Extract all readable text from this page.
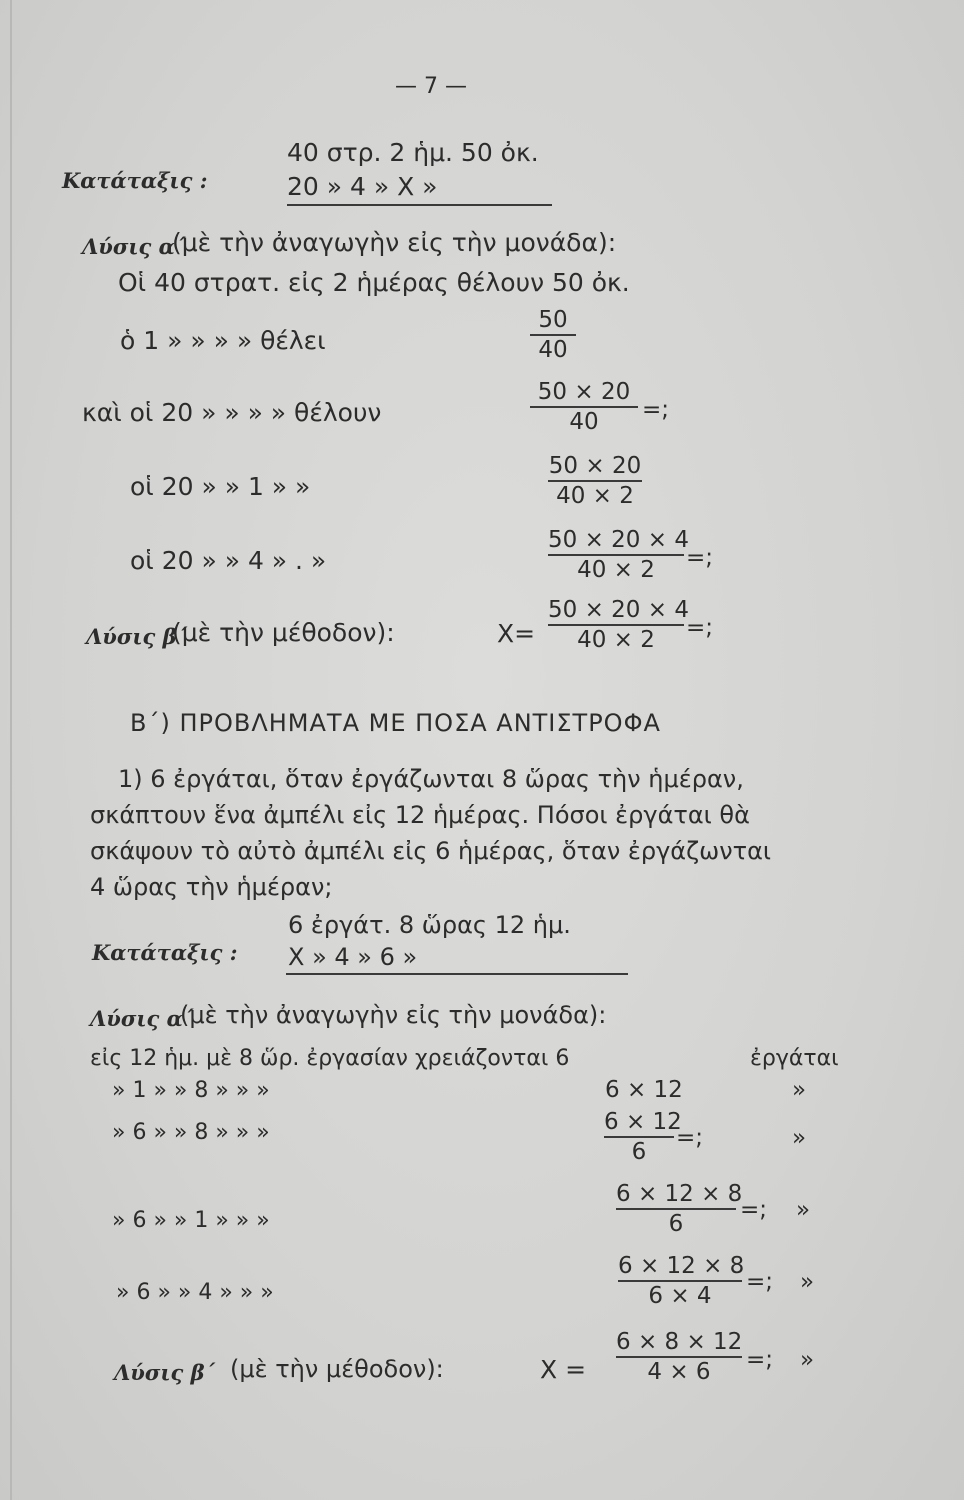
— 7 —
Κατάταξις :
40 στρ. 2 ἡμ. 50 ὀκ.
20 » 4 » Χ »
Λύσις α΄
(μὲ τὴν ἀναγωγὴν εἰς τὴν μονάδα):
Οἱ 40 στρατ. εἰς 2 ἡμέρας θέλουν 50 ὀκ.
ὁ 1 » » » » θέλει	$\frac{50}{40}$
καὶ οἱ 20 » » » » θέλουν	$\frac{50 \times 20}{40}$ =;
οἱ 20 » » 1 » »	$\frac{50 \times 20}{40 \times 2}$
οἱ 20 » » 4 » . »	$\frac{50 \times 20 \times 4}{40 \times 2}$ =;
Λύσις β΄
(μὲ τὴν μέθοδον):	$X= \frac{50 \times 20 \times 4}{40 \times 2}$ =;
Β΄) ΠΡΟΒΛΗΜΑΤΑ ΜΕ ΠΟΣΑ ΑΝΤΙΣΤΡΟΦΑ
1) 6 ἐργάται, ὅταν ἐργάζωνται 8 ὥρας τὴν ἡμέραν,
σκάπτουν ἕνα ἀμπέλι εἰς 12 ἡμέρας. Πόσοι ἐργάται θὰ
σκάψουν τὸ αὐτὸ ἀμπέλι εἰς 6 ἡμέρας, ὅταν ἐργάζωνται
4 ὥρας τὴν ἡμέραν;
Κατάταξις :
6 ἐργάτ. 8 ὥρας 12 ἡμ.
Χ » 4 » 6 »
Λύσις α΄
(μὲ τὴν ἀναγωγὴν εἰς τὴν μονάδα):
εἰς 12 ἡμ. μὲ 8 ὥρ. ἐργασίαν χρειάζονται 6	ἐργάται
» 1 » » 8 » » »	6 × 12	»
» 6 » » 8 » » »	$\frac{6 \times 12}{6}$ =;	»
» 6 » » 1 » » »	$\frac{6 \times 12 \times 8}{6}$ =; »
» 6 » » 4 » » »	$\frac{6 \times 12 \times 8}{6 \times 4}$ =; »
Λύσις β΄ (μὲ τὴν μέθοδον):	$X = \frac{6 \times 8 \times 12}{4 \times 6}$ =; »
